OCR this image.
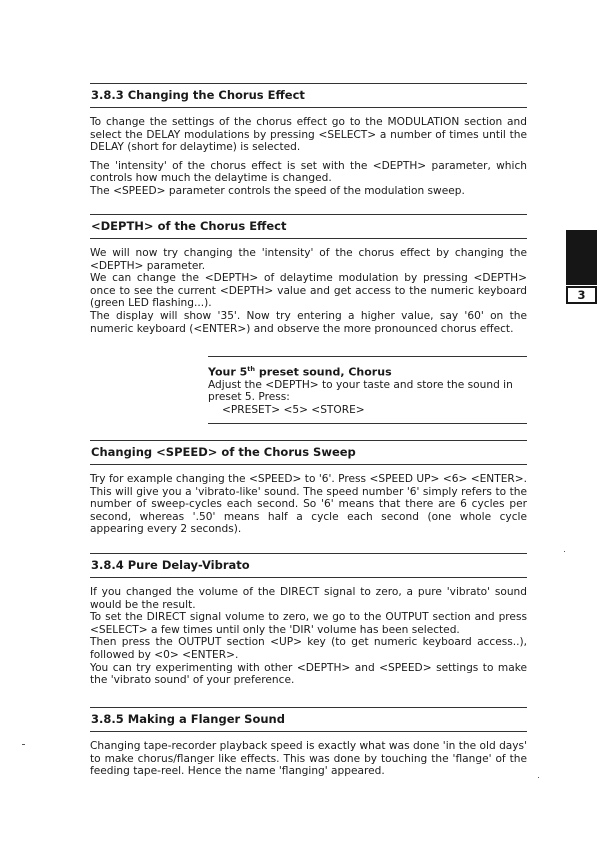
3.8.3 Changing the Chorus Effect

To change the settings of the chorus effect go to the MODULATION section and select the DELAY modulations by pressing <SELECT> a number of times until the DELAY (short for delaytime) is selected.

The 'intensity' of the chorus effect is set with the <DEPTH> parameter, which controls how much the delaytime is changed.

The <SPEED> parameter controls the speed of the modulation sweep.

<DEPTH> of the Chorus Effect

We will now try changing the 'intensity' of the chorus effect by changing the <DEPTH> parameter.

We can change the <DEPTH> of delaytime modulation by pressing <DEPTH> once to see the current <DEPTH> value and get access to the numeric keyboard (green LED flashing...).

The display will show '35'. Now try entering a higher value, say '60' on the numeric keyboard (<ENTER>) and observe the more pronounced chorus effect.

Your 5th preset sound, Chorus

Adjust the <DEPTH> to your taste and store the sound in preset 5. Press:

<PRESET> <5> <STORE>

Changing <SPEED> of the Chorus Sweep

Try for example changing the <SPEED> to '6'. Press <SPEED UP> <6> <ENTER>. This will give you a 'vibrato-like' sound. The speed number '6' simply refers to the number of sweep-cycles each second. So '6' means that there are 6 cycles per second, whereas '.50' means half a cycle each second (one whole cycle appearing every 2 seconds).

3.8.4 Pure Delay-Vibrato

If you changed the volume of the DIRECT signal to zero, a pure 'vibrato' sound would be the result.

To set the DIRECT signal volume to zero, we go to the OUTPUT section and press <SELECT> a few times until only the 'DIR' volume has been selected.

Then press the OUTPUT section <UP> key (to get numeric keyboard access..), followed by <0> <ENTER>.

You can try experimenting with other <DEPTH> and <SPEED> settings to make the 'vibrato sound' of your preference.

3.8.5 Making a Flanger Sound

Changing tape-recorder playback speed is exactly what was done 'in the old days' to make chorus/flanger like effects. This was done by touching the 'flange' of the feeding tape-reel. Hence the name 'flanging' appeared.

3
